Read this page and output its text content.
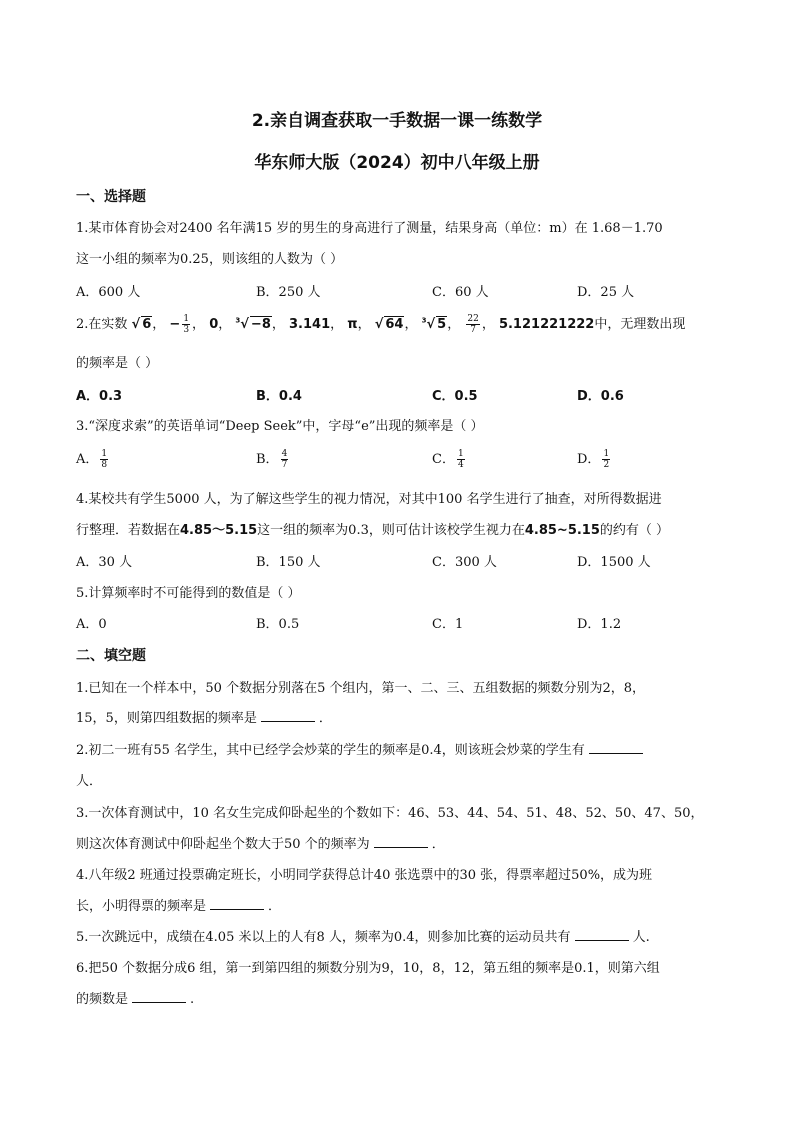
2.亲自调查获取一手数据一课一练数学
华东师大版（2024）初中八年级上册
一、选择题
1.某市体育协会对2400 名年满15 岁的男生的身高进行了测量，结果身高（单位：m）在 1.68－1.70
这一小组的频率为0.25，则该组的人数为（ ）
A．600 人	B．250 人	C．60 人	D．25 人
2.在实数 √ 6， − $\frac{1}{3}$ ， 0， $^3$√ −8， 3.141， π， √ 64， $^3$√ 5， $\frac{22}{7}$ ， 5.121221222中，无理数出现
的频率是（ ）
A．0.3	B．0.4	C．0.5	D．0.6
3.“深度求索”的英语单词“Deep Seek”中，字母“e”出现的频率是（ ）
A． $\frac{1}{8}$	B． $\frac{4}{7}$	C． $\frac{1}{4}$	D． $\frac{1}{2}$
4.某校共有学生5000 人，为了解这些学生的视力情况，对其中100 名学生进行了抽查，对所得数据进
行整理．若数据在4.85～5.15这一组的频率为0.3，则可估计该校学生视力在4.85~5.15的约有（ ）
A．30 人	B．150 人	C．300 人	D．1500 人
5.计算频率时不可能得到的数值是（ ）
A．0	B．0.5	C．1	D．1.2
二、填空题
1.已知在一个样本中，50 个数据分别落在5 个组内，第一、二、三、五组数据的频数分别为2，8，
15，5，则第四组数据的频率是	．
2.初二一班有55 名学生，其中已经学会炒菜的学生的频率是0.4，则该班会炒菜的学生有
人．
3.一次体育测试中，10 名女生完成仰卧起坐的个数如下：46、53、44、54、51、48、52、50、47、50，
则这次体育测试中仰卧起坐个数大于50 个的频率为	．
4.八年级2 班通过投票确定班长，小明同学获得总计40 张选票中的30 张，得票率超过50%，成为班
长，小明得票的频率是	．
5.一次跳远中，成绩在4.05 米以上的人有8 人，频率为0.4，则参加比赛的运动员共有	人.
6.把50 个数据分成6 组，第一到第四组的频数分别为9，10，8，12，第五组的频率是0.1，则第六组
的频数是	.
